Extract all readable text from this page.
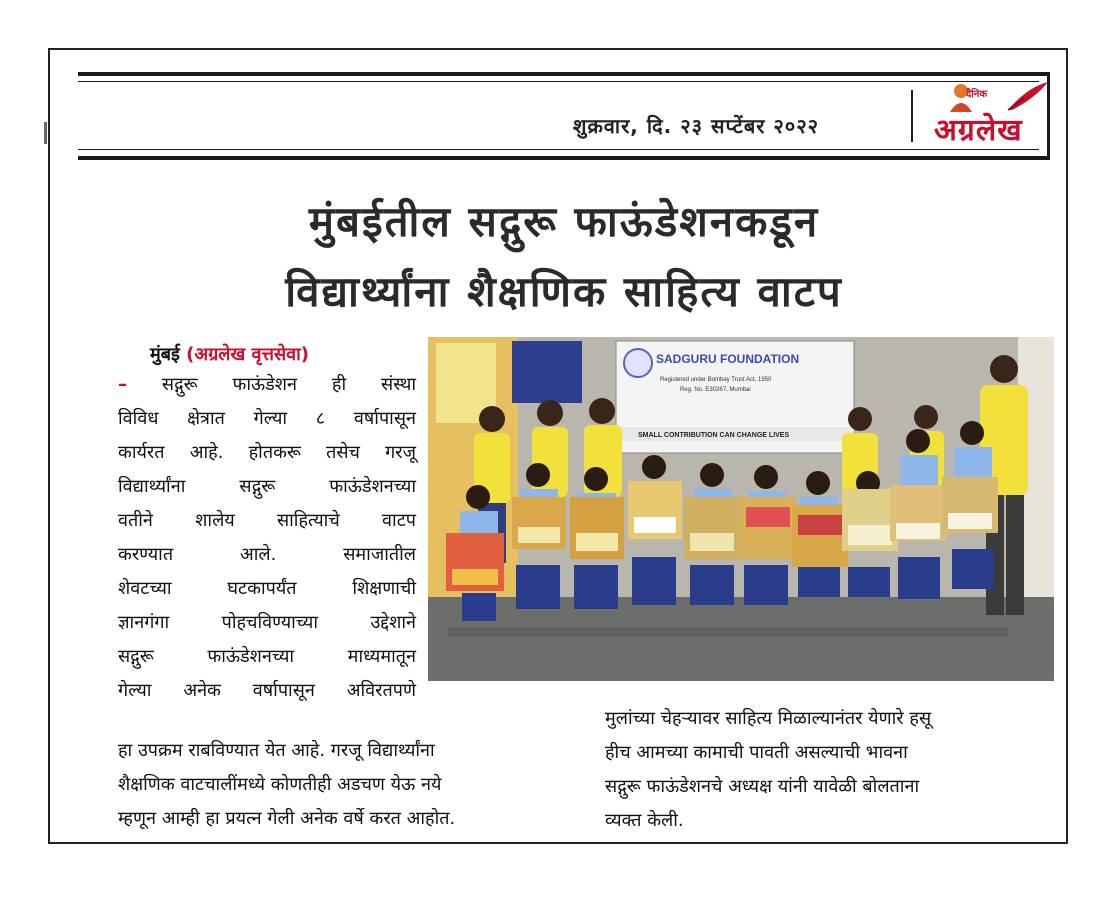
शुक्रवार, दि. २३ सप्टेंबर २०२२
दैनिक
अग्रलेख
मुंबईतील सद्गुरू फाऊंडेशनकडून
विद्यार्थ्यांना शैक्षणिक साहित्य वाटप
मुंबई (अग्रलेख वृत्तसेवा)
– सद्गुरू फाऊंडेशन ही संस्था
विविध क्षेत्रात गेल्या ८ वर्षापासून
कार्यरत आहे. होतकरू तसेच गरजू
विद्यार्थ्यांना सद्गुरू फाऊंडेशनच्या
वतीने शालेय साहित्याचे वाटप
करण्यात आले. समाजातील
शेवटच्या घटकापर्यंत शिक्षणाची
ज्ञानगंगा पोहचविण्याच्या उद्देशाने
सद्गुरू फाऊंडेशनच्या माध्यमातून
गेल्या अनेक वर्षापासून अविरतपणे
SADGURU FOUNDATION
Registered under Bombay Trust Act, 1950
Reg. No. E30267, Mumbai
SMALL CONTRIBUTION CAN CHANGE LIVES
हा उपक्रम राबविण्यात येत आहे. गरजू विद्यार्थ्यांना
शैक्षणिक वाटचालींमध्ये कोणतीही अडचण येऊ नये
म्हणून आम्ही हा प्रयत्न गेली अनेक वर्षे करत आहोत.
मुलांच्या चेहऱ्यावर साहित्य मिळाल्यानंतर येणारे हसू
हीच आमच्या कामाची पावती असल्याची भावना
सद्गुरू फाऊंडेशनचे अध्यक्ष यांनी यावेळी बोलताना
व्यक्त केली.
